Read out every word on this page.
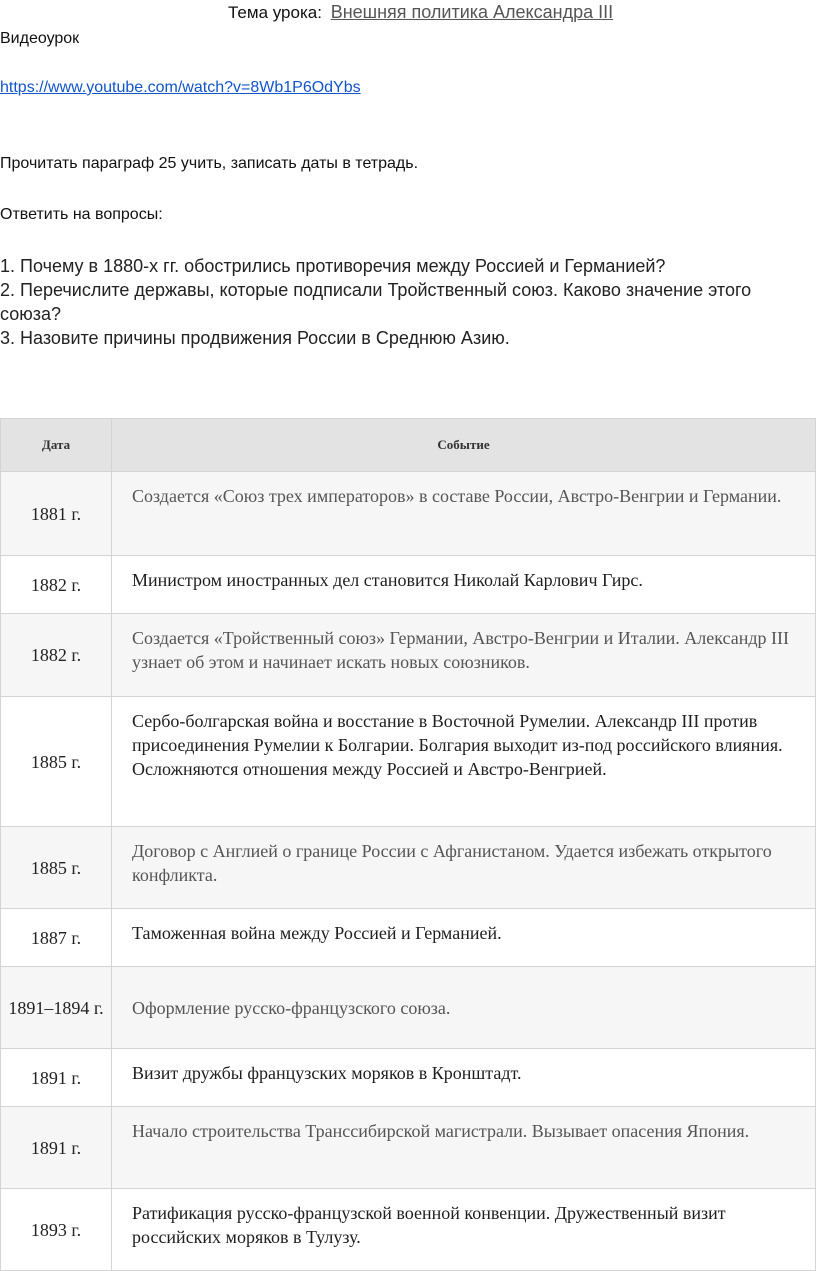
Тема урока: Внешняя политика Александра III
Видеоурок
https://www.youtube.com/watch?v=8Wb1P6OdYbs
Прочитать параграф 25 учить, записать даты в тетрадь.
Ответить на вопросы:
1. Почему в 1880-х гг. обострились противоречия между Россией и Германией?
2. Перечислите державы, которые подписали Тройственный союз. Каково значение этого союза?
3. Назовите причины продвижения России в Среднюю Азию.
Дата	Событие
1881 г.	Создается «Союз трех императоров» в составе России, Австро-Венгрии и Германии.
1882 г.	Министром иностранных дел становится Николай Карлович Гирс.
1882 г.	Создается «Тройственный союз» Германии, Австро-Венгрии и Италии. Александр III узнает об этом и начинает искать новых союзников.
1885 г.	Сербо-болгарская война и восстание в Восточной Румелии. Александр III против присоединения Румелии к Болгарии. Болгария выходит из-под российского влияния. Осложняются отношения между Россией и Австро-Венгрией.
1885 г.	Договор с Англией о границе России с Афганистаном. Удается избежать открытого конфликта.
1887 г.	Таможенная война между Россией и Германией.
1891–1894 г.	Оформление русско-французского союза.
1891 г.	Визит дружбы французских моряков в Кронштадт.
1891 г.	Начало строительства Транссибирской магистрали. Вызывает опасения Япония.
1893 г.	Ратификация русско-французской военной конвенции. Дружественный визит российских моряков в Тулузу.
